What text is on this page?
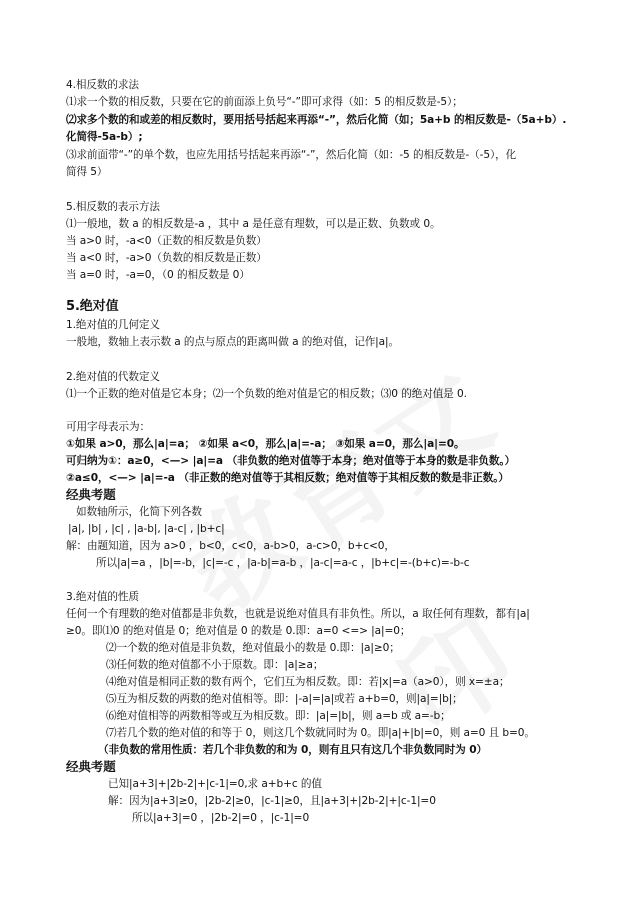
4.相反数的求法
⑴求一个数的相反数，只要在它的前面添上负号“-”即可求得（如：5 的相反数是-5）；
⑵求多个数的和或差的相反数时，要用括号括起来再添“-”，然后化简（如；5a+b 的相反数是-（5a+b）.
化简得-5a-b）;
⑶求前面带“-”的单个数，也应先用括号括起来再添“-”，然后化简（如：-5 的相反数是-（-5），化
简得 5）
5.相反数的表示方法
⑴一般地，数 a 的相反数是-a ，其中 a 是任意有理数，可以是正数、负数或 0。
当 a>0 时，-a<0（正数的相反数是负数）
当 a<0 时，-a>0（负数的相反数是正数）
当 a=0 时，-a=0，（0 的相反数是 0）
5.绝对值
1.绝对值的几何定义
一般地，数轴上表示数 a 的点与原点的距离叫做 a 的绝对值，记作|a|。
2.绝对值的代数定义
⑴一个正数的绝对值是它本身；⑵一个负数的绝对值是它的相反数；⑶0 的绝对值是 0.
可用字母表示为：
①如果 a>0，那么|a|=a； ②如果 a<0，那么|a|=-a； ③如果 a=0，那么|a|=0。
可归纳为①：a≥0，<—> |a|=a （非负数的绝对值等于本身；绝对值等于本身的数是非负数。）
②a≤0，<—> |a|=-a （非正数的绝对值等于其相反数；绝对值等于其相反数的数是非正数。）
经典考题
如数轴所示，化简下列各数
|a|, |b| , |c| , |a-b|, |a-c| , |b+c|
解：由题知道，因为 a>0 ，b<0，c<0，a-b>0，a-c>0，b+c<0，
所以|a|=a ，|b|=-b，|c|=-c ，|a-b|=a-b ，|a-c|=a-c ，|b+c|=-(b+c)=-b-c
3.绝对值的性质
任何一个有理数的绝对值都是非负数，也就是说绝对值具有非负性。所以，a 取任何有理数，都有|a|
≥0。即⑴0 的绝对值是 0；绝对值是 0 的数是 0.即：a=0 <=> |a|=0；
⑵一个数的绝对值是非负数，绝对值最小的数是 0.即：|a|≥0；
⑶任何数的绝对值都不小于原数。即：|a|≥a；
⑷绝对值是相同正数的数有两个，它们互为相反数。即：若|x|=a（a>0），则 x=±a；
⑸互为相反数的两数的绝对值相等。即：|-a|=|a|或若 a+b=0，则|a|=|b|；
⑹绝对值相等的两数相等或互为相反数。即：|a|=|b|，则 a=b 或 a=-b；
⑺若几个数的绝对值的和等于 0，则这几个数就同时为 0。即|a|+|b|=0，则 a=0 且 b=0。
（非负数的常用性质：若几个非负数的和为 0，则有且只有这几个非负数同时为 0）
经典考题
已知|a+3|+|2b-2|+|c-1|=0,求 a+b+c 的值
解：因为|a+3|≥0，|2b-2|≥0，|c-1|≥0，且|a+3|+|2b-2|+|c-1|=0
所以|a+3|=0 ，|2b-2|=0 ，|c-1|=0
